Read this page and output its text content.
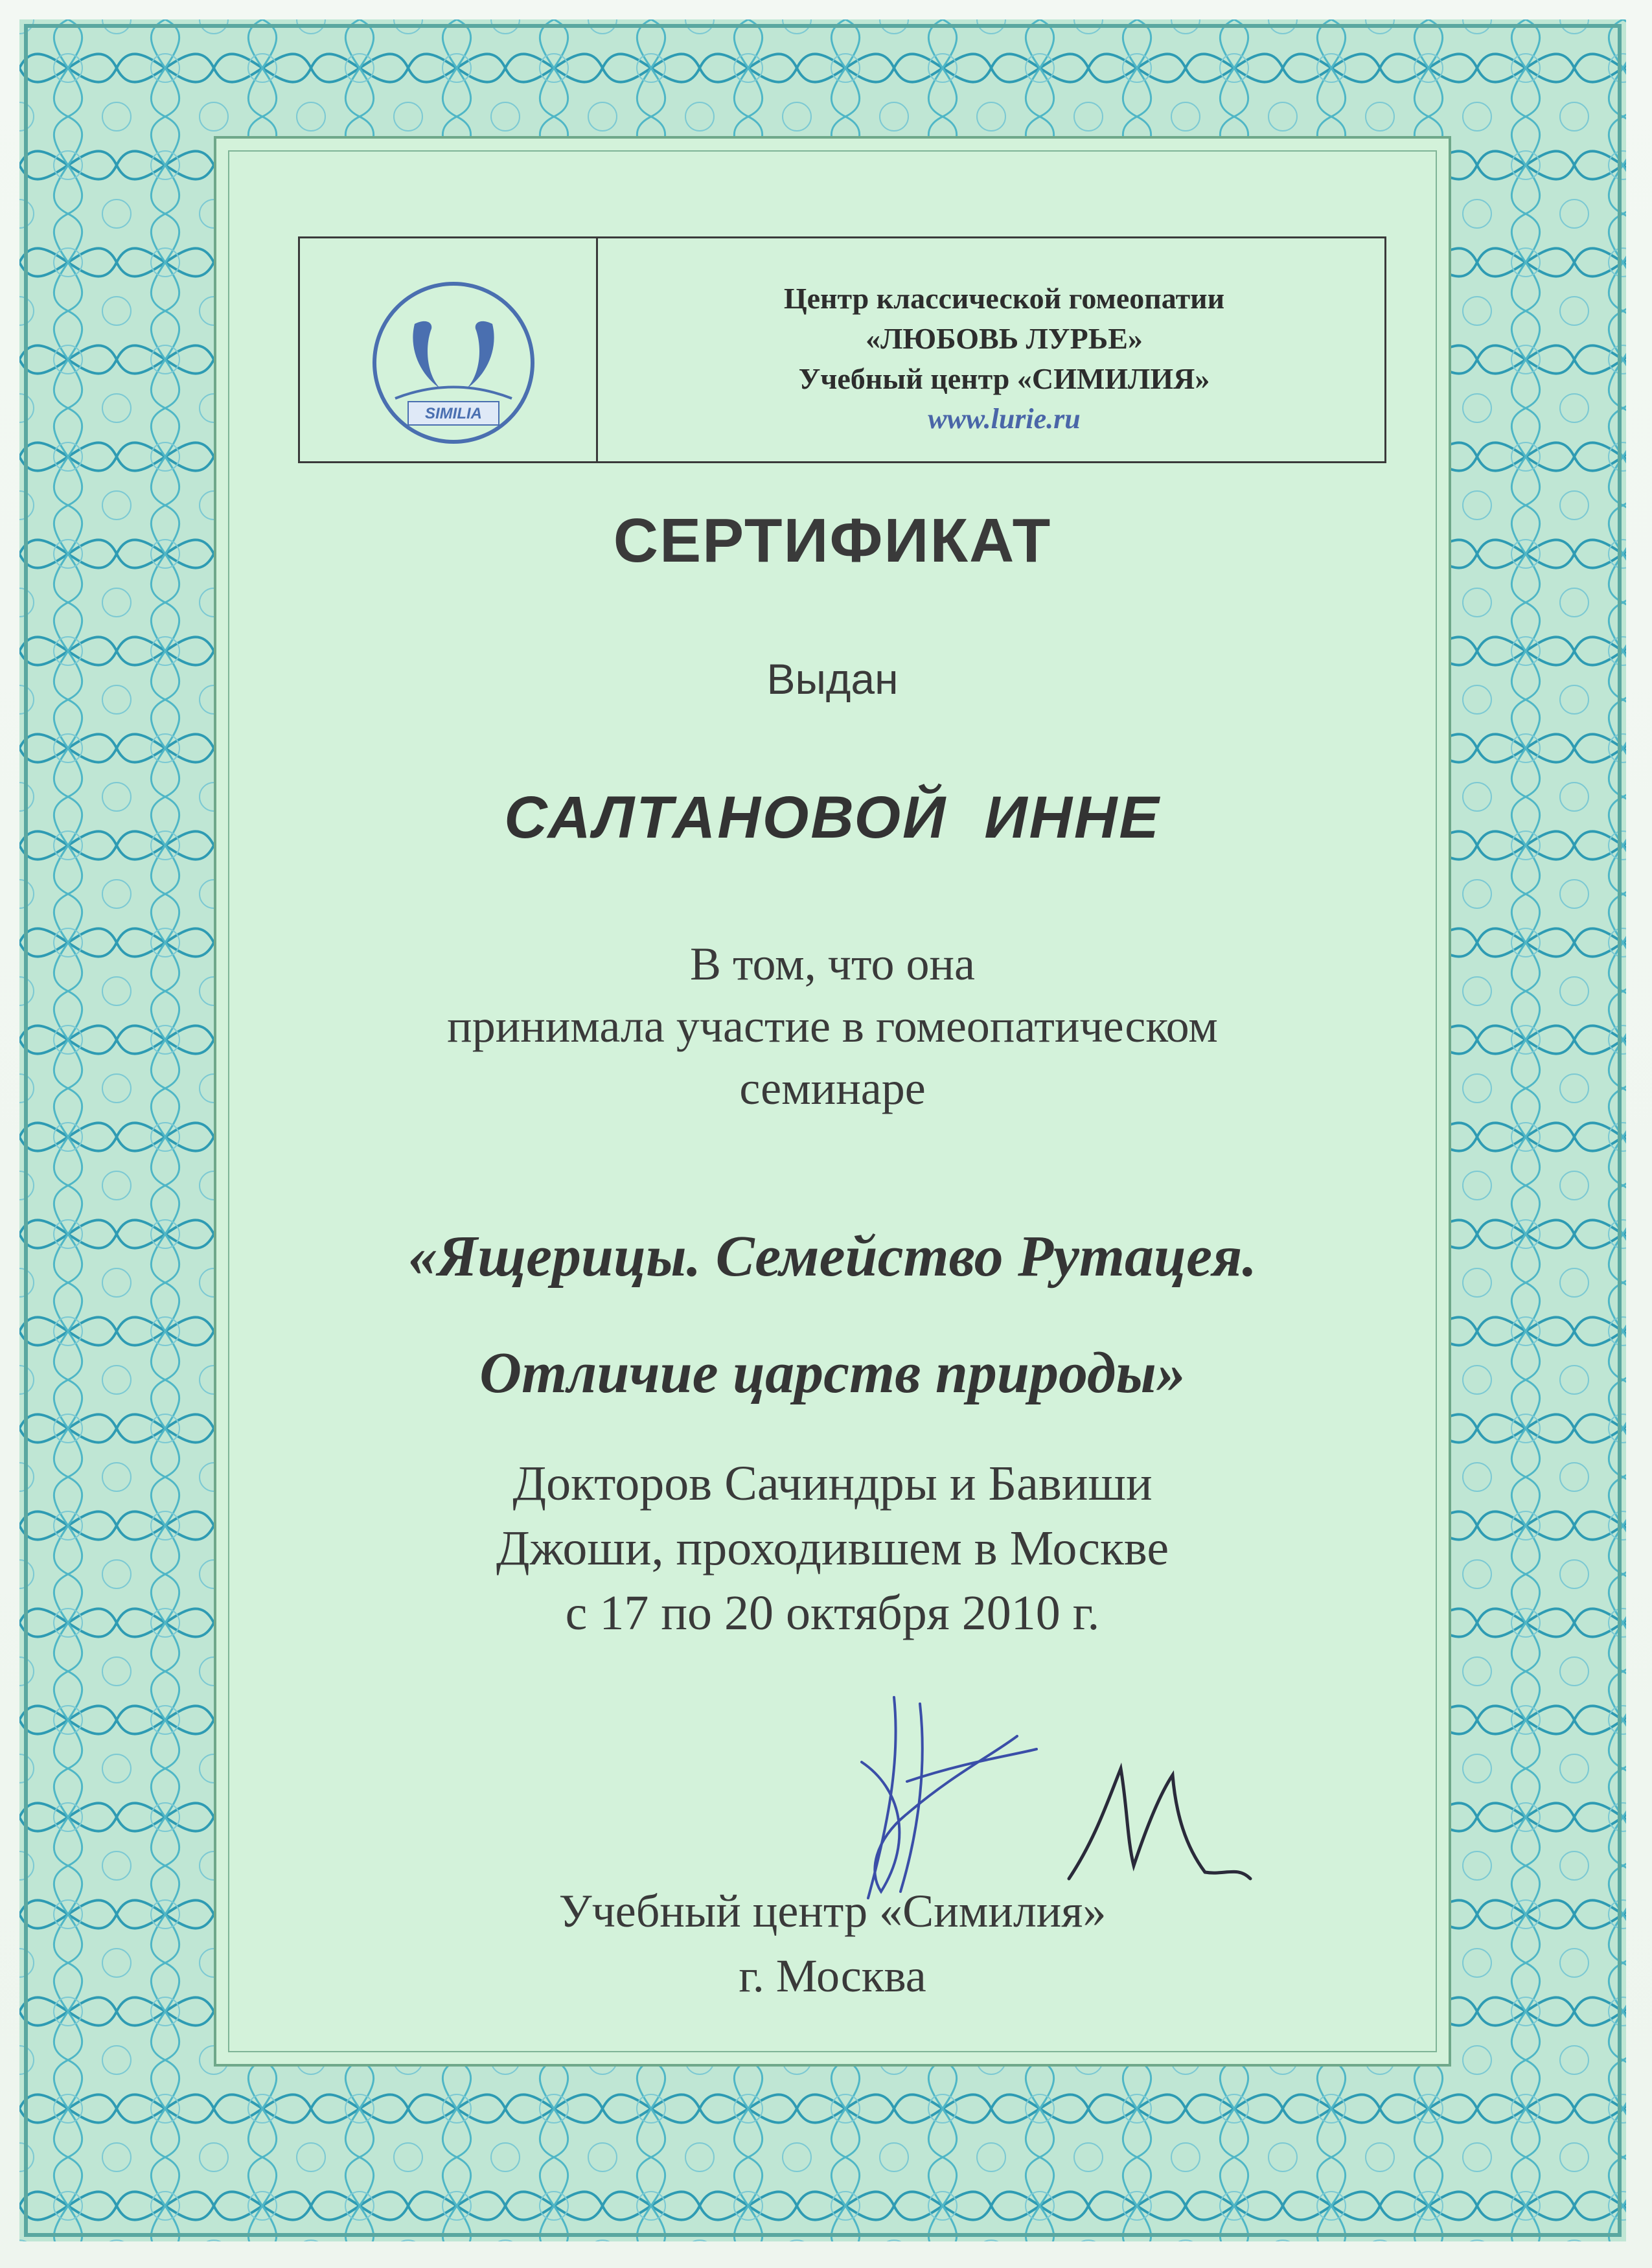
SIMILIA
Центр классической гомеопатии
«ЛЮБОВЬ ЛУРЬЕ»
Учебный центр «СИМИЛИЯ»
www.lurie.ru
СЕРТИФИКАТ
Выдан
САЛТАНОВОЙ  ИННЕ
В том, что она
принимала участие в гомеопатическом
семинаре
«Ящерицы. Семейство Рутацея.
Отличие царств природы»
Докторов Сачиндры и Бавиши
Джоши, проходившем в Москве
с 17 по 20 октября 2010 г.
Учебный центр «Симилия»
г. Москва
